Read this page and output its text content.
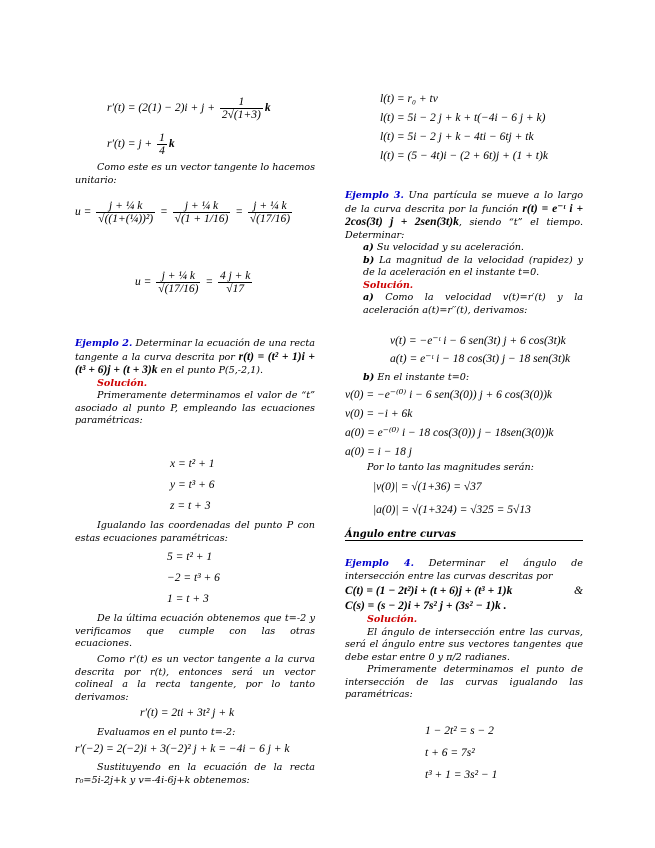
$r'(t) = (2(1) - 2)i + j + \frac{1}{2√(1+3)}$ k
$r'(t) = j + \frac{1}{4}$ k

Como este es un vector tangente lo hacemos unitario:

$u = \frac{\text{j + ¼ k}}{\text{√((1+(¼))²)}} = \frac{\text{j + ¼ k}}{√(1 + 1/16)} = \frac{\text{j + ¼ k}}{√(17/16)}$
$u = \frac{\text{j + ¼ k}}{√(17/16)} = \frac{4 j + k}{√17}$

Ejemplo 2. Determinar la ecuación de una recta tangente a la curva descrita por r(t) = (t² + 1)i + (t³ + 6)j + (t + 3)k en el punto P(5,-2,1).

Solución.

Primeramente determinamos el valor de “t” asociado al punto P, empleando las ecuaciones paramétricas:

x = t² + 1
y = t³ + 6
z = t + 3

Igualando las coordenadas del punto P con estas ecuaciones paramétricas:

5 = t² + 1
−2 = t³ + 6
1 = t + 3

De la última ecuación obtenemos que t=-2 y verificamos que cumple con las otras ecuaciones.

Como r'(t) es un vector tangente a la curva descrita por r(t), entonces será un vector colineal a la recta tangente, por lo tanto derivamos:

r′(t) = 2ti + 3t² j + k

Evaluamos en el punto t=-2:

r′(−2) = 2(−2)i + 3(−2)² j + k = −4i − 6 j + k

Sustituyendo en la ecuación de la recta r₀=5i-2j+k y v=-4i-6j+k obtenemos:

l(t) = r₀ + tv
l(t) = 5i − 2 j + k + t(−4i − 6 j + k)
l(t) = 5i − 2 j + k − 4ti − 6tj + tk
l(t) = (5 − 4t)i − (2 + 6t)j + (1 + t)k

Ejemplo 3. Una partícula se mueve a lo largo de la curva descrita por la función r(t) = e⁻ᵗ i + 2cos(3t) j + 2sen(3t)k, siendo “t” el tiempo. Determinar:

a) Su velocidad y su aceleración.

b) La magnitud de la velocidad (rapidez) y de la aceleración en el instante t=0.

Solución.

a) Como la velocidad v(t)=r′(t) y la aceleración a(t)=r′′(t), derivamos:

v(t) = −e⁻ᵗ i − 6 sen(3t) j + 6 cos(3t)k
a(t) = e⁻ᵗ i − 18 cos(3t) j − 18 sen(3t)k

b) En el instante t=0:

v(0) = −e⁻⁽⁰⁾ i − 6 sen(3(0)) j + 6 cos(3(0))k
v(0) = −i + 6k
a(0) = e⁻⁽⁰⁾ i − 18 cos(3(0)) j − 18sen(3(0))k
a(0) = i − 18 j

Por lo tanto las magnitudes serán:

|v(0)| = √(1+36) = √37
|a(0)| = √(1+324) = √325 = 5√13
Ángulo entre curvas

Ejemplo 4. Determinar el ángulo de intersección entre las curvas descritas por

C(t) = (1 − 2t²)i + (t + 6)j + (t³ + 1)k	&
C(s) = (s − 2)i + 7s² j + (3s² − 1)k .

Solución.

El ángulo de intersección entre las curvas, será el ángulo entre sus vectores tangentes que debe estar entre 0 y π/2 radianes.

Primeramente determinamos el punto de intersección de las curvas igualando las paramétricas:

1 − 2t² = s − 2
t + 6 = 7s²
t³ + 1 = 3s² − 1
